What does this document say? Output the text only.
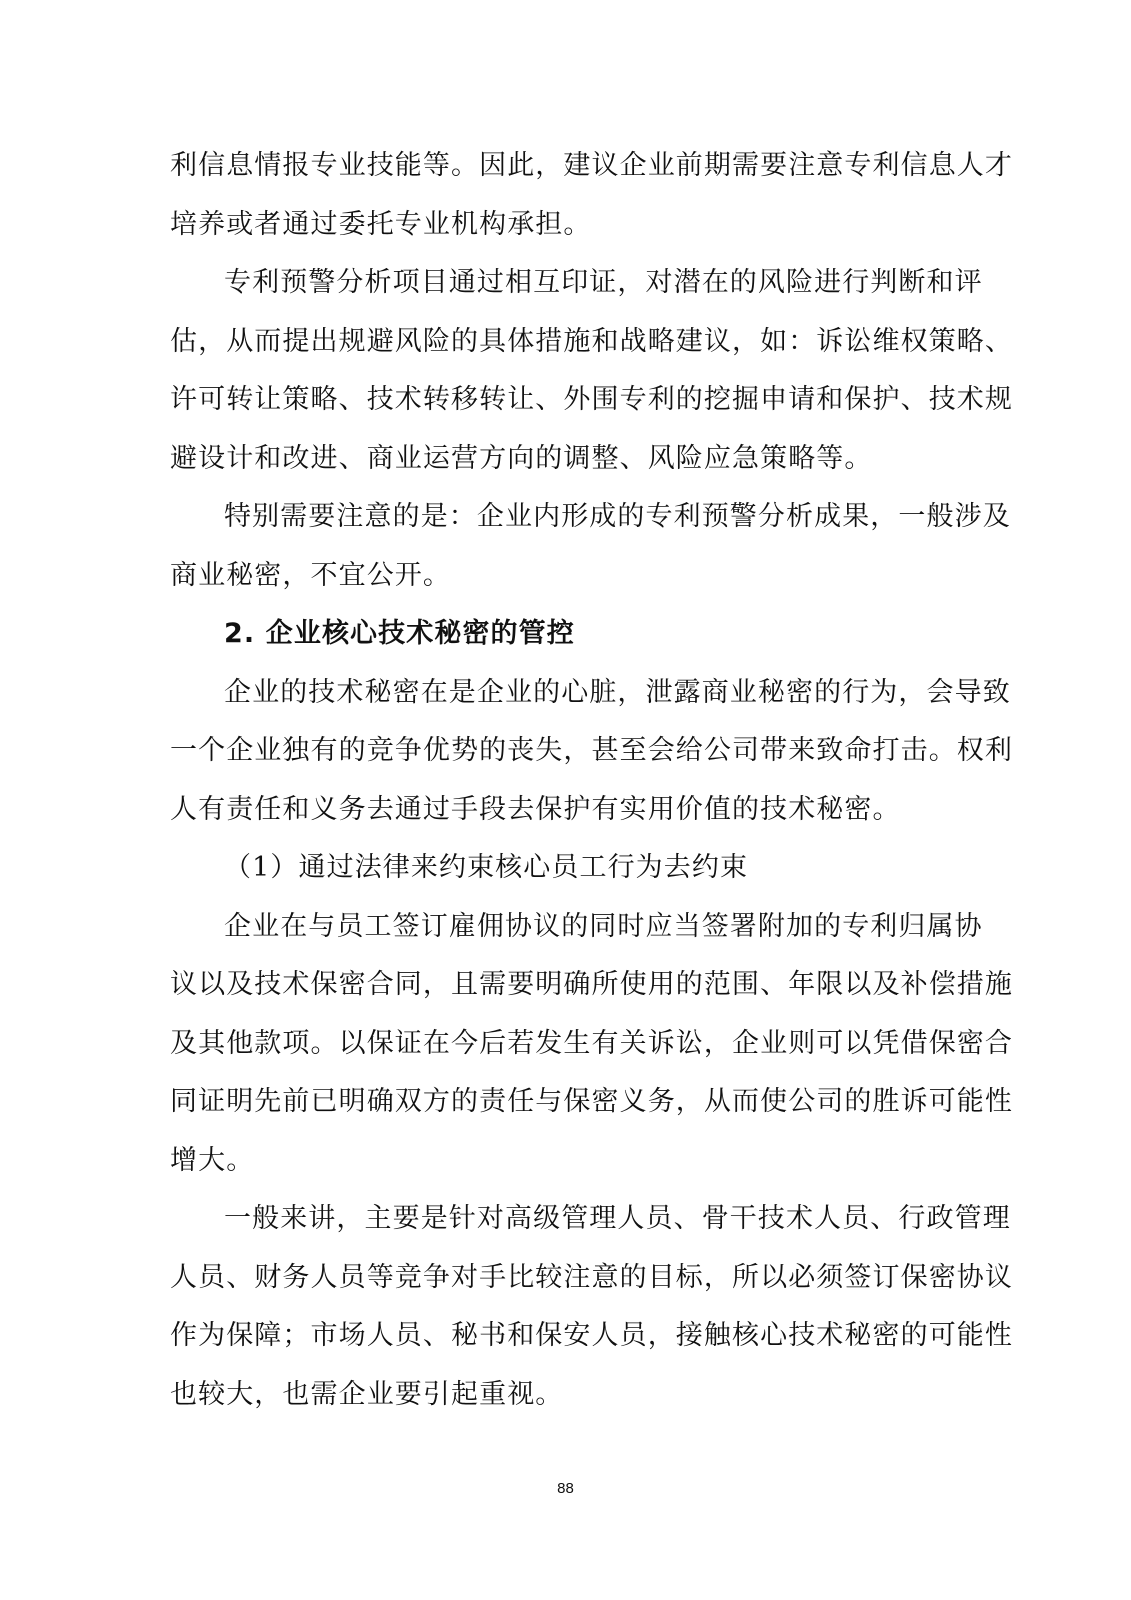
利信息情报专业技能等。因此，建议企业前期需要注意专利信息人才
培养或者通过委托专业机构承担。
专利预警分析项目通过相互印证，对潜在的风险进行判断和评
估，从而提出规避风险的具体措施和战略建议，如：诉讼维权策略、
许可转让策略、技术转移转让、外围专利的挖掘申请和保护、技术规
避设计和改进、商业运营方向的调整、风险应急策略等。
特别需要注意的是：企业内形成的专利预警分析成果，一般涉及
商业秘密，不宜公开。
2. 企业核心技术秘密的管控
企业的技术秘密在是企业的心脏，泄露商业秘密的行为，会导致
一个企业独有的竞争优势的丧失，甚至会给公司带来致命打击。权利
人有责任和义务去通过手段去保护有实用价值的技术秘密。
（1）通过法律来约束核心员工行为去约束
企业在与员工签订雇佣协议的同时应当签署附加的专利归属协
议以及技术保密合同，且需要明确所使用的范围、年限以及补偿措施
及其他款项。以保证在今后若发生有关诉讼，企业则可以凭借保密合
同证明先前已明确双方的责任与保密义务，从而使公司的胜诉可能性
增大。
一般来讲，主要是针对高级管理人员、骨干技术人员、行政管理
人员、财务人员等竞争对手比较注意的目标，所以必须签订保密协议
作为保障；市场人员、秘书和保安人员，接触核心技术秘密的可能性
也较大，也需企业要引起重视。
88
